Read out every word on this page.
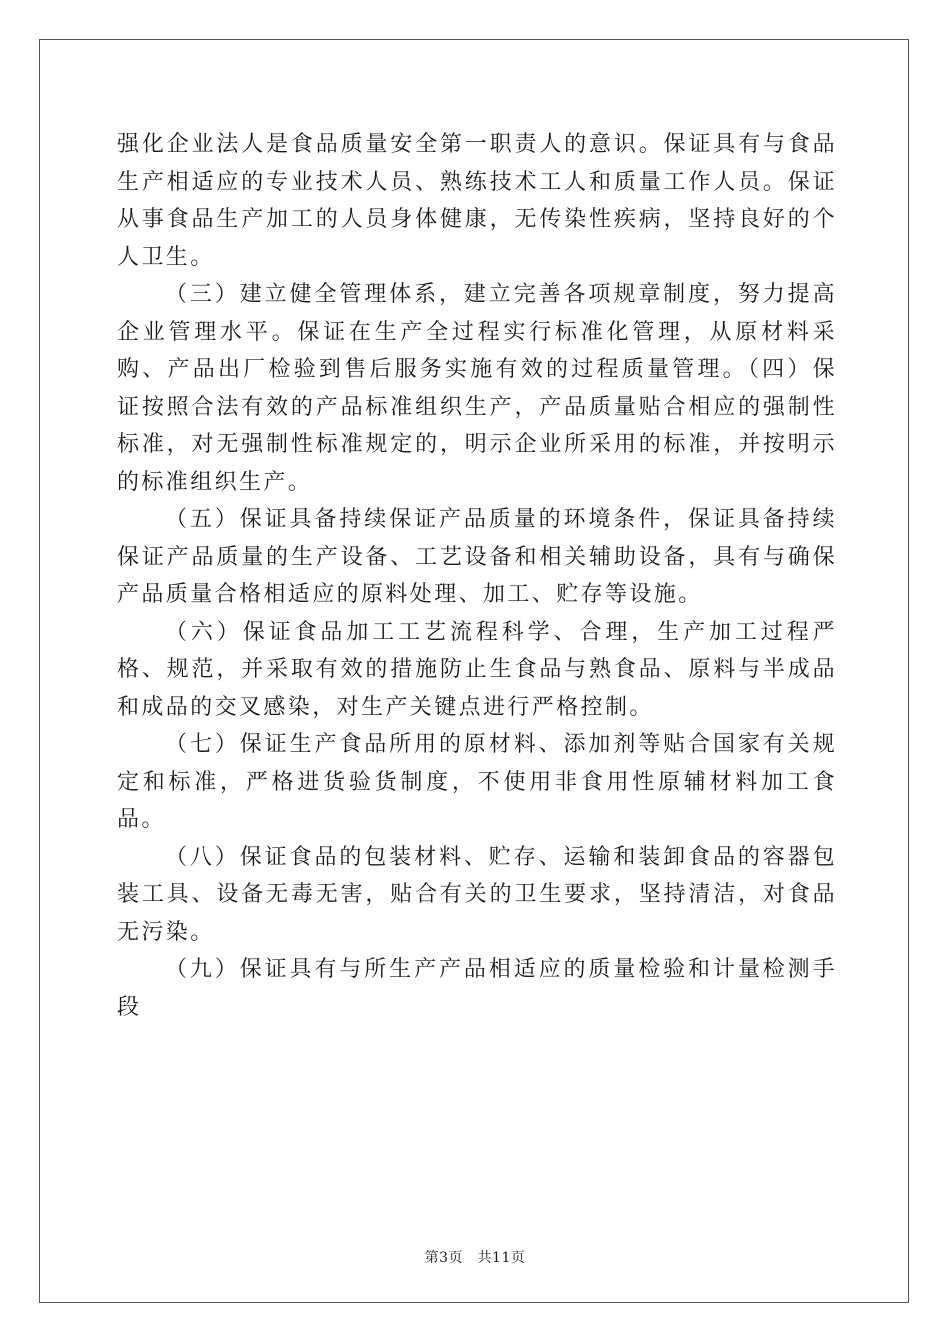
强化企业法人是食品质量安全第一职责人的意识。保证具有与食品生产相适应的专业技术人员、熟练技术工人和质量工作人员。保证从事食品生产加工的人员身体健康，无传染性疾病，坚持良好的个人卫生。

（三）建立健全管理体系，建立完善各项规章制度，努力提高企业管理水平。保证在生产全过程实行标准化管理，从原材料采购、产品出厂检验到售后服务实施有效的过程质量管理。（四）保证按照合法有效的产品标准组织生产，产品质量贴合相应的强制性标准，对无强制性标准规定的，明示企业所采用的标准，并按明示的标准组织生产。

（五）保证具备持续保证产品质量的环境条件，保证具备持续保证产品质量的生产设备、工艺设备和相关辅助设备，具有与确保产品质量合格相适应的原料处理、加工、贮存等设施。

（六）保证食品加工工艺流程科学、合理，生产加工过程严格、规范，并采取有效的措施防止生食品与熟食品、原料与半成品和成品的交叉感染，对生产关键点进行严格控制。

（七）保证生产食品所用的原材料、添加剂等贴合国家有关规定和标准，严格进货验货制度，不使用非食用性原辅材料加工食品。

（八）保证食品的包装材料、贮存、运输和装卸食品的容器包装工具、设备无毒无害，贴合有关的卫生要求，坚持清洁，对食品无污染。

（九）保证具有与所生产产品相适应的质量检验和计量检测手段

第3页　共11页
